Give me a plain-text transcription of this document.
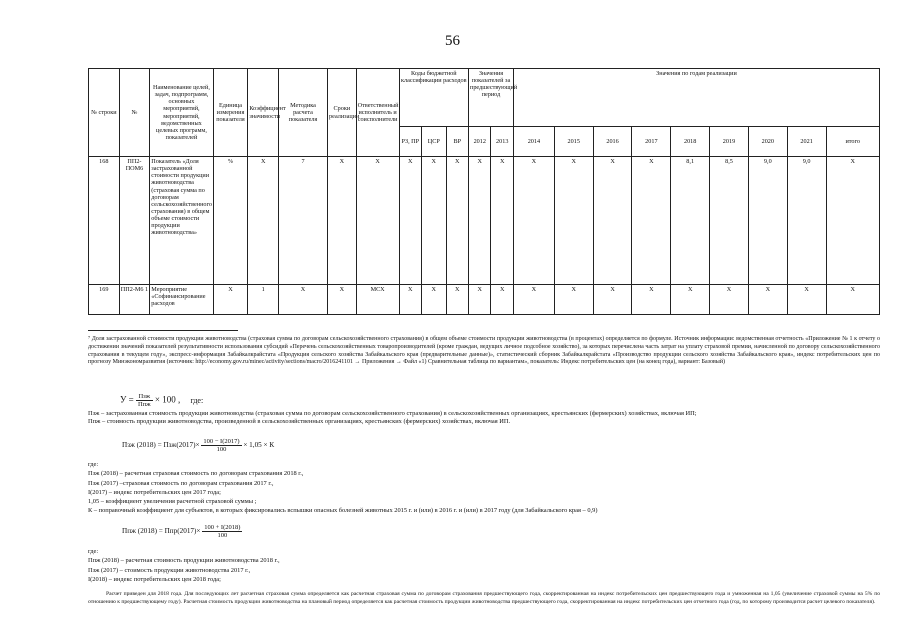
56
№ строки	№	Наименование целей, задач, подпрограмм, основных мероприятий, мероприятий, ведомственных целевых программ, показателей	Единица измерения показателя	Коэффициент значимости	Методика расчета показателя	Сроки реализации	Ответственный исполнитель и соисполнители	Коды бюджетной классификации расходов			Значения показателей за предшествующий период		Значения по годам реализации								
								РЗ, ПР	ЦСР	ВР	2012	2013	2014	2015	2016	2017	2018	2019	2020	2021	итого
168	ПП2-ПОМ6	Показатель «Доля застрахованной стоимости продукции животноводства (страховая сумма по договорам сельскохозяйственного страхования) в общем объеме стоимости продукции животноводства»	%	Х	7	Х	Х	Х	Х	Х	Х	Х	Х	Х	Х	Х	8,1	8,5	9,0	9,0	Х
169	ПП2-М6 1	Мероприятие «Софинансирование расходов	Х	1	Х	Х	МСХ	Х	Х	Х	Х	Х	Х	Х	Х	Х	Х	Х	Х	Х	Х
⁷ Доля застрахованной стоимости продукции животноводства (страховая сумма по договорам сельскохозяйственного страхования) в общем объеме стоимости продукции животноводства (в процентах) определяется по формуле. Источник информации: ведомственная отчетность «Приложение № 1 к отчету о достижении значений показателей результативности использования субсидий «Перечень сельскохозяйственных товаропроизводителей (кроме граждан, ведущих личное подсобное хозяйство), за которых перечислена часть затрат на уплату страховой премии, начисленной по договору сельскохозяйственного страхования в текущем году», экспресс-информация Забайкалкрайстата «Продукция сельского хозяйства Забайкальского края (предварительные данные)», статистический сборник Забайкалкрайстата «Производство продукции сельского хозяйства Забайкальского края», индекс потребительских цен по прогнозу Минэкономразвития (источник: http://economy.gov.ru/minec/activity/sections/macro/2016241101 → Приложения → Файл «1) Сравнительная таблица по вариантам», показатель: Индекс потребительских цен (на конец года), вариант: Базовый)
$У = \frac{\text{Пзж}}{\text{Ппж}} \times 100$ , где:
Пзж – застрахованная стоимость продукции животноводства (страховая сумма по договорам сельскохозяйственного страхования) в сельскохозяйственных организациях, крестьянских (фермерских) хозяйствах, включая ИП;
Ппж – стоимость продукции животноводства, произведенной в сельскохозяйственных организациях, крестьянских (фермерских) хозяйствах, включая ИП.
Пзж $(2018) = Пзж(2017)\times \frac{100 - I(2017)}{100} \times 1,05 \times К$
где:
Пзж (2018) – расчетная страховая стоимость по договорам страхования 2018 г.,
Пзж (2017) –страховая стоимость по договорам страхования 2017 г.,
I(2017) – индекс потребительских цен 2017 года;
1,05 – коэффициент увеличения расчетной страховой суммы ;
К – поправочный коэффициент для субъектов, в которых фиксировались вспышки опасных болезней животных 2015 г. и (или) в 2016 г. и (или) в 2017 году (для Забайкальского края – 0,9)
Ппж $(2018) = Ппр(2017)\times \frac{100 + I(2018)}{100}$
где:
Ппж (2018) – расчетная стоимость продукции животноводства 2018 г.,
Пзж (2017) – стоимость продукции животноводства 2017 г.,
I(2018) – индекс потребительских цен 2018 года;
Расчет приведен для 2018 года. Для последующих лет расчетная страховая сумма определяется как расчетная страховая сумма по договорам страхования предшествующего года, скорректированная на индекс потребительских цен предшествующего года и умноженная на 1,05 (увеличение страховой суммы на 5% по отношению к предшествующему году). Расчетная стоимость продукции животноводства на плановый период определяется как расчетная стоимость продукции животноводства предшествующего года, скорректированная на индекс потребительских цен отчетного года (год, по которому производится расчет целевого показателя).
